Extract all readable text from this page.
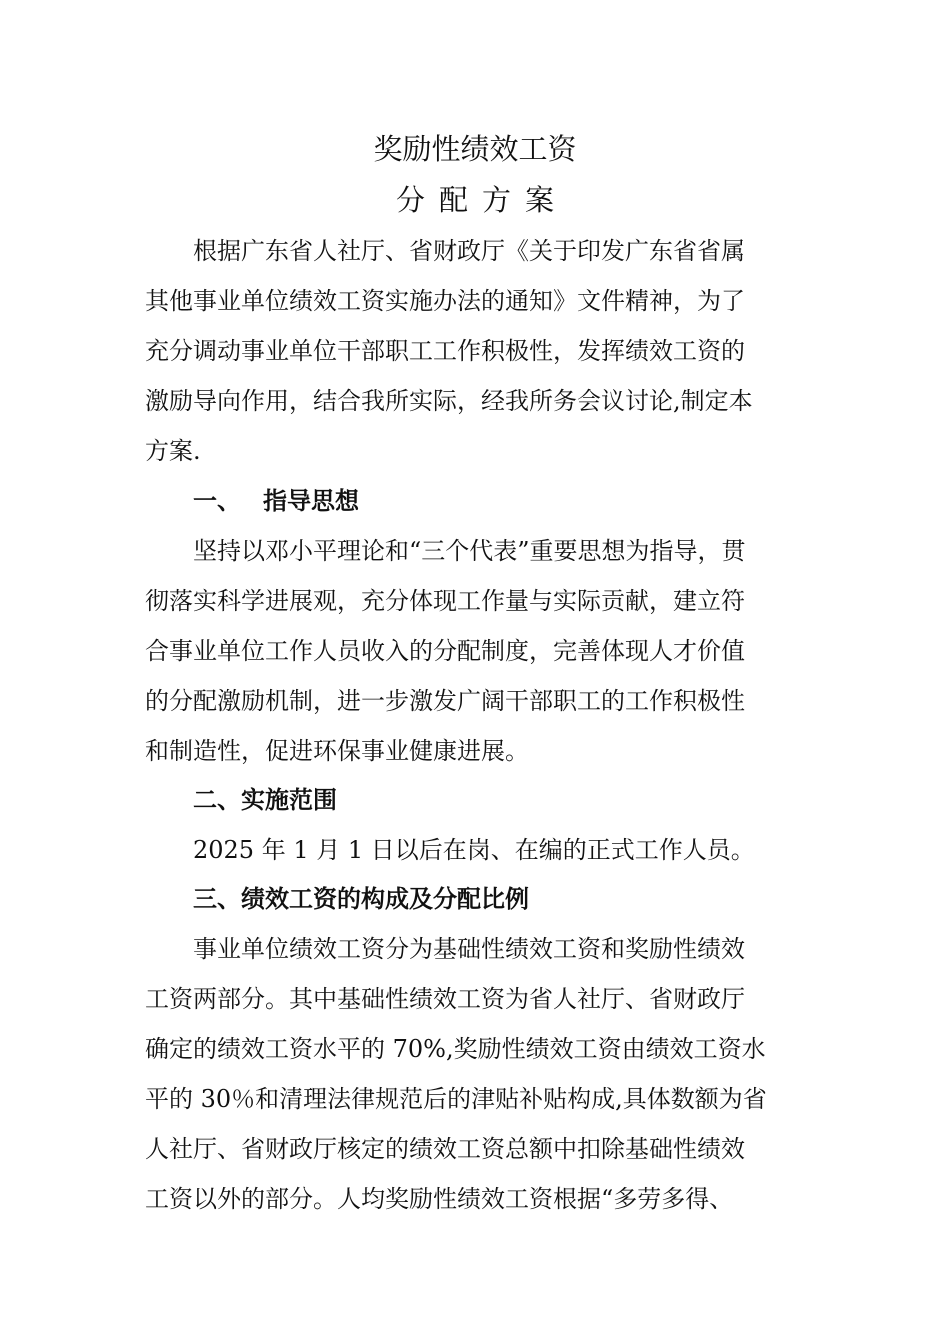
奖励性绩效工资
分配方案
根据广东省人社厅、省财政厅《关于印发广东省省属
其他事业单位绩效工资实施办法的通知》文件精神，为了
充分调动事业单位干部职工工作积极性，发挥绩效工资的
激励导向作用，结合我所实际，经我所务会议讨论,制定本
方案.
一、 指导思想
坚持以邓小平理论和“三个代表”重要思想为指导，贯
彻落实科学进展观，充分体现工作量与实际贡献，建立符
合事业单位工作人员收入的分配制度，完善体现人才价值
的分配激励机制，进一步激发广阔干部职工的工作积极性
和制造性，促进环保事业健康进展。
二、实施范围
2025 年 1 月 1 日以后在岗、在编的正式工作人员。
三、绩效工资的构成及分配比例
事业单位绩效工资分为基础性绩效工资和奖励性绩效
工资两部分。其中基础性绩效工资为省人社厅、省财政厅
确定的绩效工资水平的 70%,奖励性绩效工资由绩效工资水
平的 30％和清理法律规范后的津贴补贴构成,具体数额为省
人社厅、省财政厅核定的绩效工资总额中扣除基础性绩效
工资以外的部分。人均奖励性绩效工资根据“多劳多得、
